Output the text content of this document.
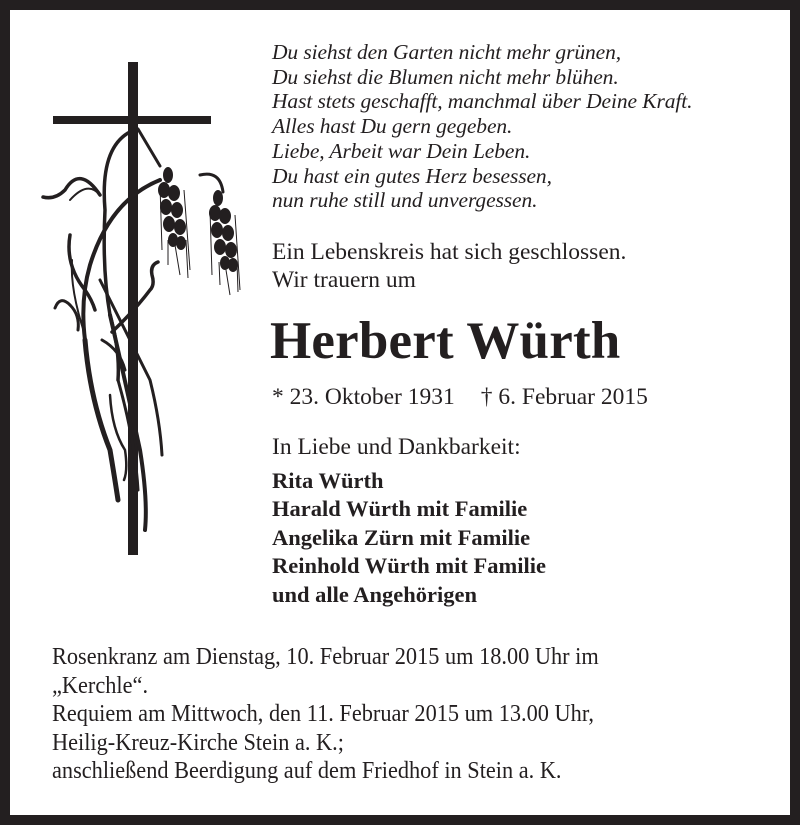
Du siehst den Garten nicht mehr grünen,
Du siehst die Blumen nicht mehr blühen.
Hast stets geschafft, manchmal über Deine Kraft.
Alles hast Du gern gegeben.
Liebe, Arbeit war Dein Leben.
Du hast ein gutes Herz besessen,
nun ruhe still und unvergessen.
Ein Lebenskreis hat sich geschlossen.
Wir trauern um
Herbert Würth
* 23. Oktober 1931 † 6. Februar 2015
In Liebe und Dankbarkeit:
Rita Würth
Harald Würth mit Familie
Angelika Zürn mit Familie
Reinhold Würth mit Familie
und alle Angehörigen
Rosenkranz am Dienstag, 10. Februar 2015 um 18.00 Uhr im
„Kerchle“.
Requiem am Mittwoch, den 11. Februar 2015 um 13.00 Uhr,
Heilig-Kreuz-Kirche Stein a. K.;
anschließend Beerdigung auf dem Friedhof in Stein a. K.
